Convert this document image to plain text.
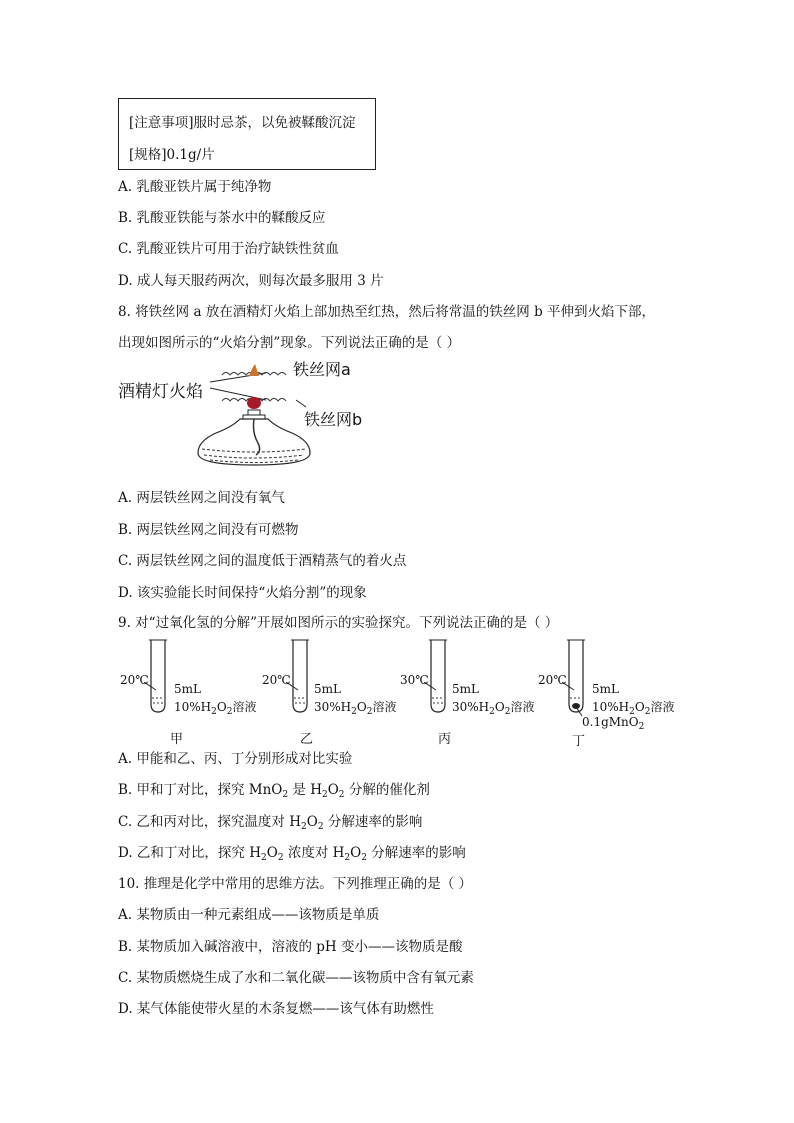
[注意事项]服时忌茶，以免被鞣酸沉淀
[规格]0.1g/片
A. 乳酸亚铁片属于纯净物
B. 乳酸亚铁能与茶水中的鞣酸反应
C. 乳酸亚铁片可用于治疗缺铁性贫血
D. 成人每天服药两次，则每次最多服用 3 片
8. 将铁丝网 a 放在酒精灯火焰上部加热至红热，然后将常温的铁丝网 b 平伸到火焰下部，
出现如图所示的“火焰分割”现象。下列说法正确的是（ ）
酒精灯火焰
铁丝网a
铁丝网b
A. 两层铁丝网之间没有氧气
B. 两层铁丝网之间没有可燃物
C. 两层铁丝网之间的温度低于酒精蒸气的着火点
D. 该实验能长时间保持“火焰分割”的现象
9. 对“过氧化氢的分解”开展如图所示的实验探究。下列说法正确的是（ ）
20℃
5mL
$10\%H_2O_2$溶液
甲
20℃
5mL
$30\%H_2O_2$溶液
乙
30℃
5mL
$30\%H_2O_2$溶液
丙
20℃
5mL
$10\%H_2O_2$溶液
0.1gMnO$_2$
丁
A. 甲能和乙、丙、丁分别形成对比实验
B. 甲和丁对比，探究 MnO$_2$ 是 $H_2O_2$ 分解的催化剂
C. 乙和丙对比，探究温度对 $H_2O_2$ 分解速率的影响
D. 乙和丁对比，探究 $H_2O_2$ 浓度对 $H_2O_2$ 分解速率的影响
10. 推理是化学中常用的思维方法。下列推理正确的是（ ）
A. 某物质由一种元素组成——该物质是单质
B. 某物质加入碱溶液中，溶液的 pH 变小——该物质是酸
C. 某物质燃烧生成了水和二氧化碳——该物质中含有氧元素
D. 某气体能使带火星的木条复燃——该气体有助燃性
